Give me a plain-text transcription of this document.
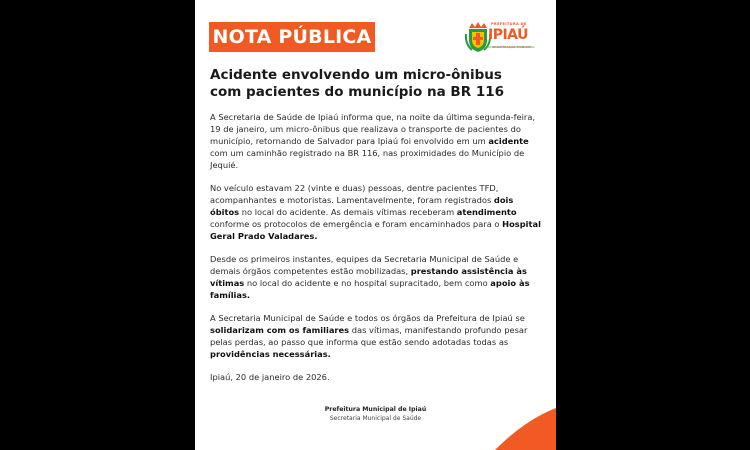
NOTA PÚBLICA
PREFEITURA DE
IPIAÚ
ADMINISTRAÇÃO MUNICIPAL
Acidente envolvendo um micro-ônibus com pacientes do município na BR 116

A Secretaria de Saúde de Ipiaú informa que, na noite da última segunda-feira, 19 de janeiro, um micro-ônibus que realizava o transporte de pacientes do município, retornando de Salvador para Ipiaú foi envolvido em um acidente com um caminhão registrado na BR 116, nas proximidades do Município de Jequié.

No veículo estavam 22 (vinte e duas) pessoas, dentre pacientes TFD, acompanhantes e motoristas. Lamentavelmente, foram registrados dois óbitos no local do acidente. As demais vítimas receberam atendimento conforme os protocolos de emergência e foram encaminhados para o Hospital Geral Prado Valadares.

Desde os primeiros instantes, equipes da Secretaria Municipal de Saúde e demais órgãos competentes estão mobilizadas, prestando assistência às vítimas no local do acidente e no hospital supracitado, bem como apoio às famílias.

A Secretaria Municipal de Saúde e todos os órgãos da Prefeitura de Ipiaú se solidarizam com os familiares das vítimas, manifestando profundo pesar pelas perdas, ao passo que informa que estão sendo adotadas todas as providências necessárias.

Ipiaú, 20 de janeiro de 2026.

Prefeitura Municipal de Ipiaú
Secretaria Municipal de Saúde
